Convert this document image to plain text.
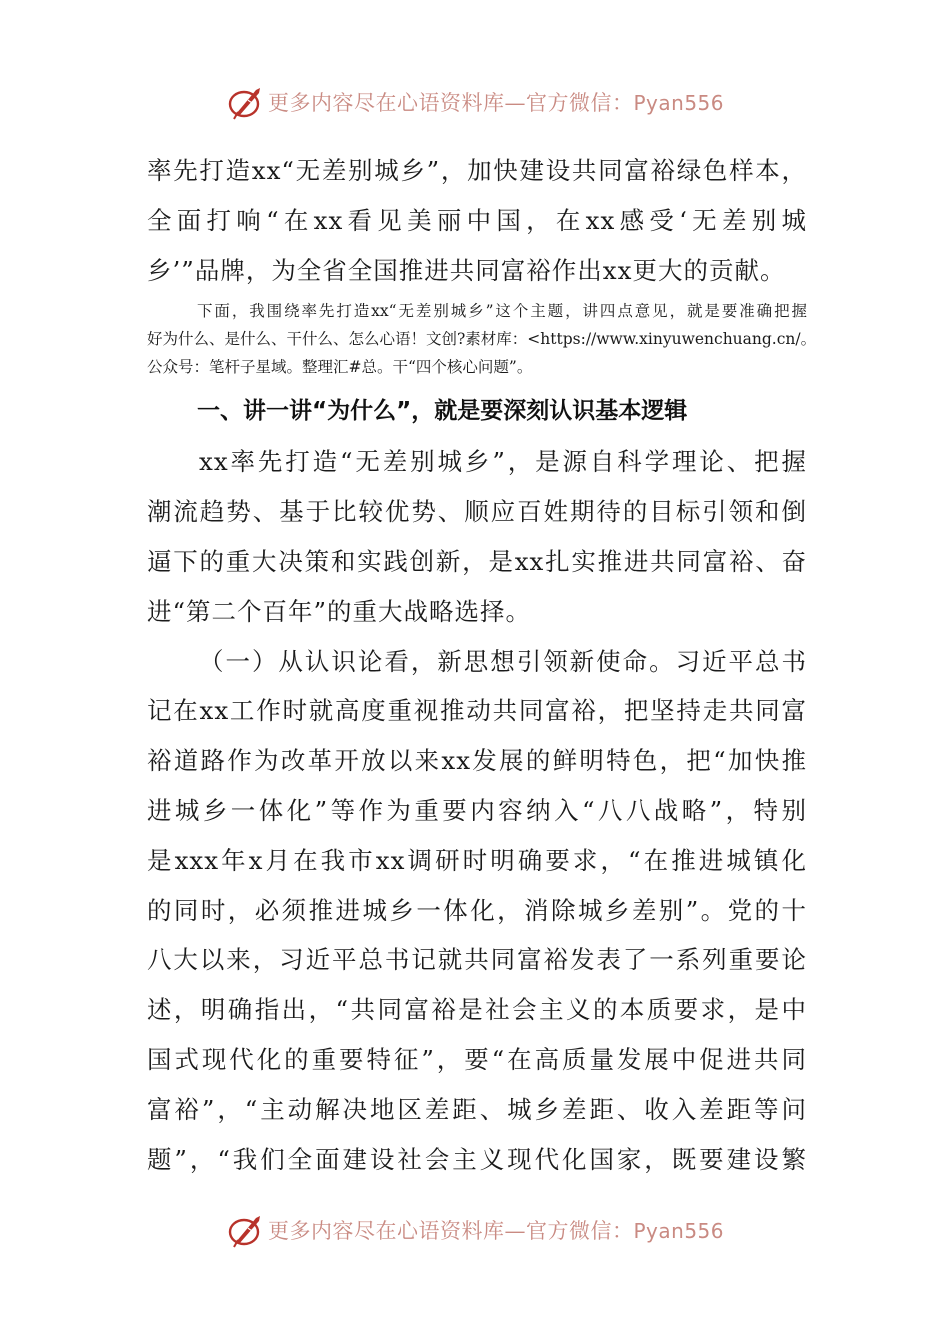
更多内容尽在心语资料库—官方微信：Pyan556
率先打造xx“无差别城乡”，加快建设共同富裕绿色样本，
全面打响“在xx看见美丽中国，在xx感受‘无差别城
乡’”品牌，为全省全国推进共同富裕作出xx更大的贡献。
下面，我围绕率先打造xx“无差别城乡”这个主题，讲四点意见，就是要准确把握
好为什么、是什么、干什么、怎么心语！文创?素材库：<https://www.xinyuwenchuang.cn/。
公众号：笔杆子星域。整理汇#总。干“四个核心问题”。
一、讲一讲“为什么”，就是要深刻认识基本逻辑
xx率先打造“无差别城乡”，是源自科学理论、把握
潮流趋势、基于比较优势、顺应百姓期待的目标引领和倒
逼下的重大决策和实践创新，是xx扎实推进共同富裕、奋
进“第二个百年”的重大战略选择。
（一）从认识论看，新思想引领新使命。习近平总书
记在xx工作时就高度重视推动共同富裕，把坚持走共同富
裕道路作为改革开放以来xx发展的鲜明特色，把“加快推
进城乡一体化”等作为重要内容纳入“八八战略”，特别
是xxx年x月在我市xx调研时明确要求，“在推进城镇化
的同时，必须推进城乡一体化，消除城乡差别”。党的十
八大以来，习近平总书记就共同富裕发表了一系列重要论
述，明确指出，“共同富裕是社会主义的本质要求，是中
国式现代化的重要特征”，要“在高质量发展中促进共同
富裕”，“主动解决地区差距、城乡差距、收入差距等问
题”，“我们全面建设社会主义现代化国家，既要建设繁
更多内容尽在心语资料库—官方微信：Pyan556
